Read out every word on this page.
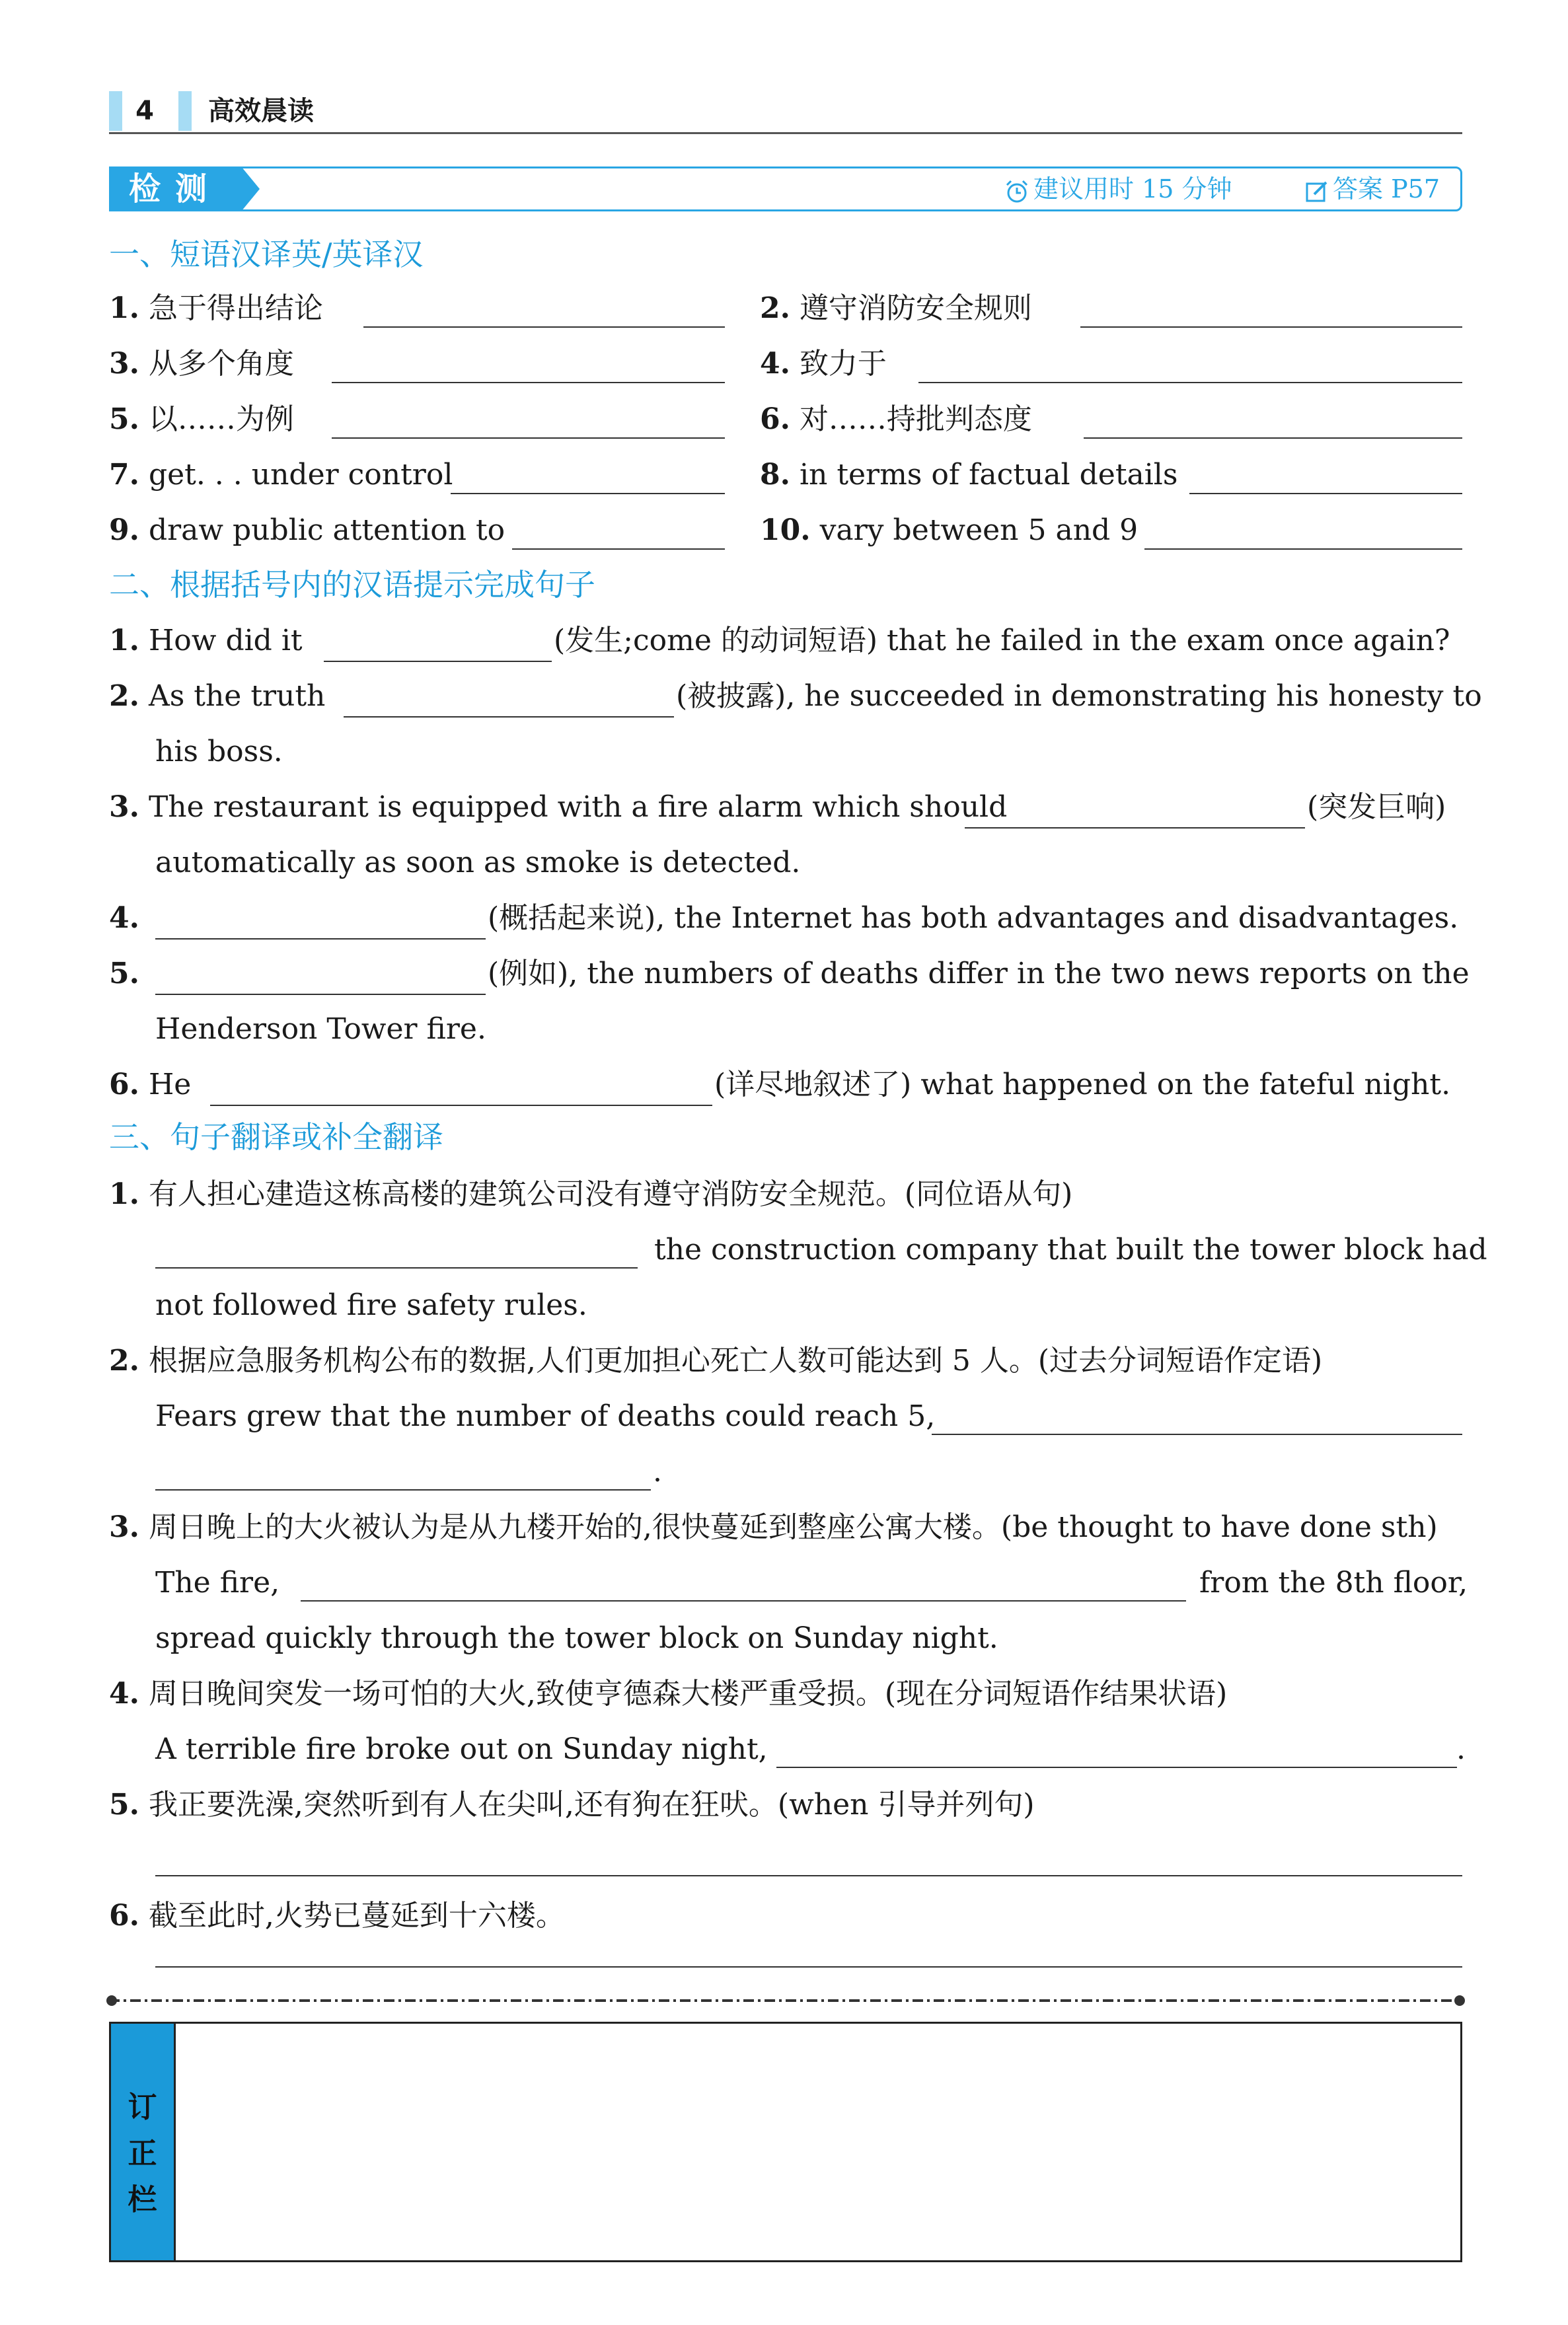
4	高效晨读
检测	建议用时 15 分钟	答案 P57
一、短语汉译英/英译汉
1. 急于得出结论	2. 遵守消防安全规则
3. 从多个角度	4. 致力于
5. 以……为例	6. 对……持批判态度
7. get. . . under control	8. in terms of factual details
9. draw public attention to	10. vary between 5 and 9
二、根据括号内的汉语提示完成句子
1. How did it	(发生;come 的动词短语) that he failed in the exam once again?
2. As the truth	(被披露), he succeeded in demonstrating his honesty to
his boss.
3. The restaurant is equipped with a fire alarm which should	(突发巨响)
automatically as soon as smoke is detected.
4.	(概括起来说), the Internet has both advantages and disadvantages.
5.	(例如), the numbers of deaths differ in the two news reports on the
Henderson Tower fire.
6. He	(详尽地叙述了) what happened on the fateful night.
三、句子翻译或补全翻译
1. 有人担心建造这栋高楼的建筑公司没有遵守消防安全规范。(同位语从句)
the construction company that built the tower block had
not followed fire safety rules.
2. 根据应急服务机构公布的数据,人们更加担心死亡人数可能达到 5 人。(过去分词短语作定语)
Fears grew that the number of deaths could reach 5,
.
3. 周日晚上的大火被认为是从九楼开始的,很快蔓延到整座公寓大楼。(be thought to have done sth)
The fire,	from the 8th floor,
spread quickly through the tower block on Sunday night.
4. 周日晚间突发一场可怕的大火,致使亨德森大楼严重受损。(现在分词短语作结果状语)
A terrible fire broke out on Sunday night,	.
5. 我正要洗澡,突然听到有人在尖叫,还有狗在狂吠。(when 引导并列句)
6. 截至此时,火势已蔓延到十六楼。
订
正
栏
